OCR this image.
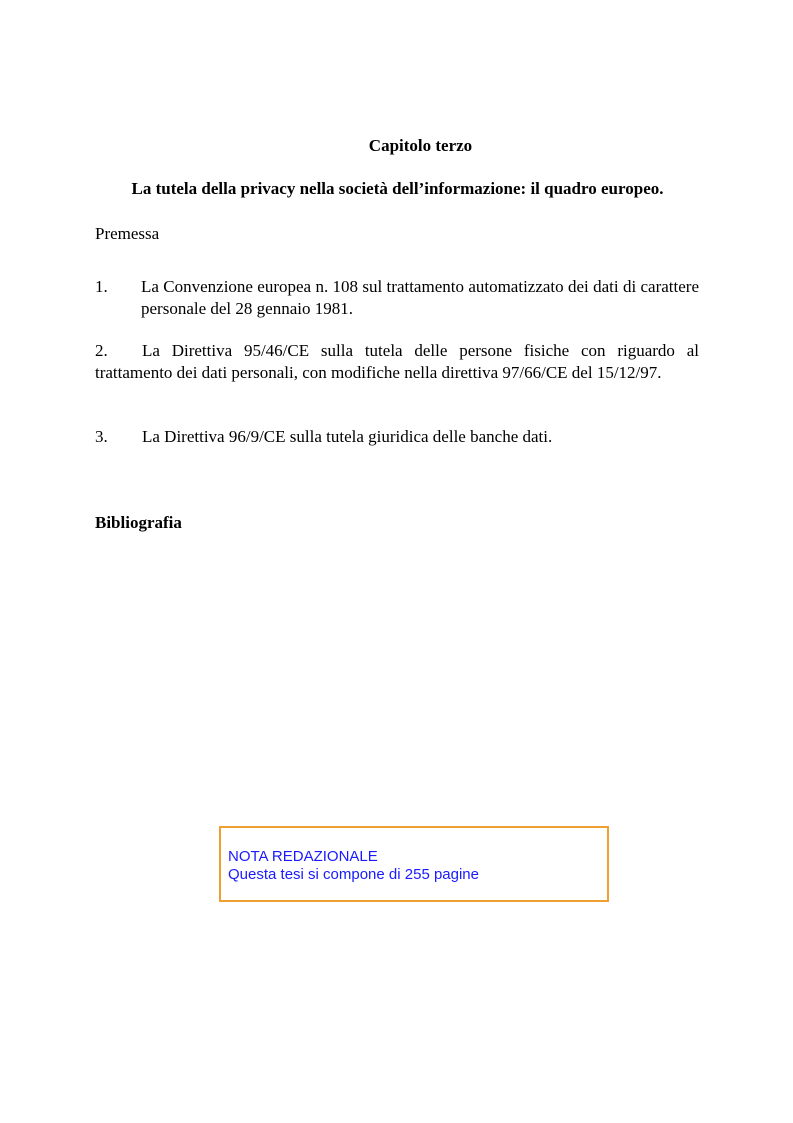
Capitolo terzo
La tutela della privacy nella società dell’informazione: il quadro europeo.
Premessa
1. La Convenzione europea n. 108 sul trattamento automatizzato dei dati di carattere personale del 28 gennaio 1981.
2. La Direttiva 95/46/CE sulla tutela delle persone fisiche con riguardo al trattamento dei dati personali, con modifiche nella direttiva 97/66/CE del 15/12/97.
3. La Direttiva 96/9/CE sulla tutela giuridica delle banche dati.
Bibliografia
NOTA REDAZIONALE
Questa tesi si compone di 255 pagine
